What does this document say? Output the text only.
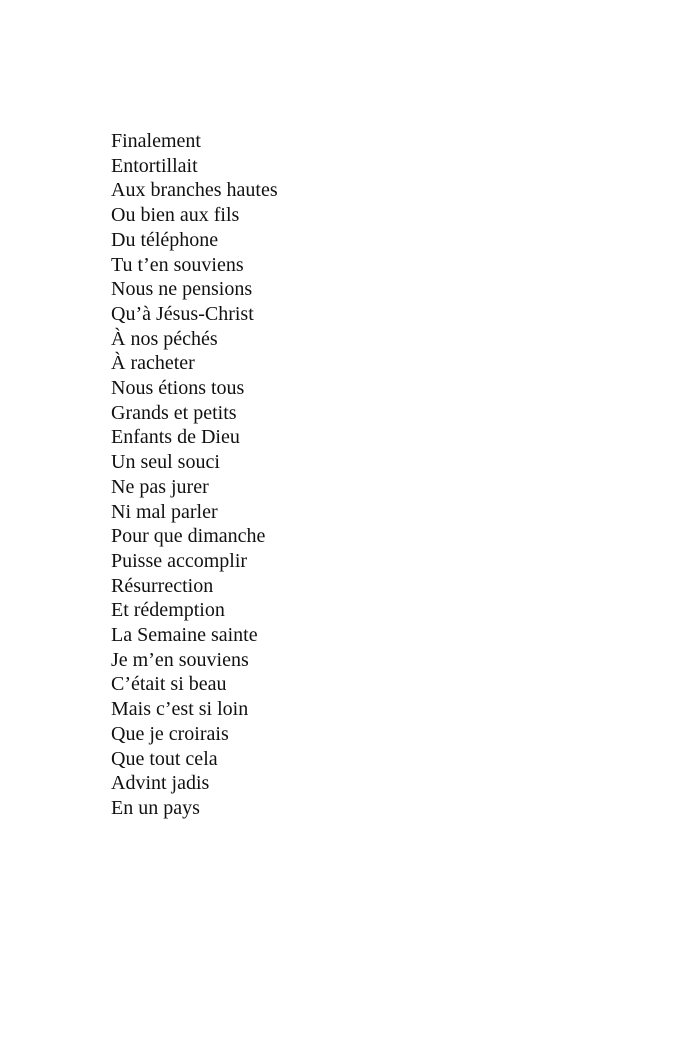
Finalement
Entortillait
Aux branches hautes
Ou bien aux fils
Du téléphone
Tu t’en souviens
Nous ne pensions
Qu’à Jésus-Christ
À nos péchés
À racheter
Nous étions tous
Grands et petits
Enfants de Dieu
Un seul souci
Ne pas jurer
Ni mal parler
Pour que dimanche
Puisse accomplir
Résurrection
Et rédemption
La Semaine sainte
Je m’en souviens
C’était si beau
Mais c’est si loin
Que je croirais
Que tout cela
Advint jadis
En un pays
